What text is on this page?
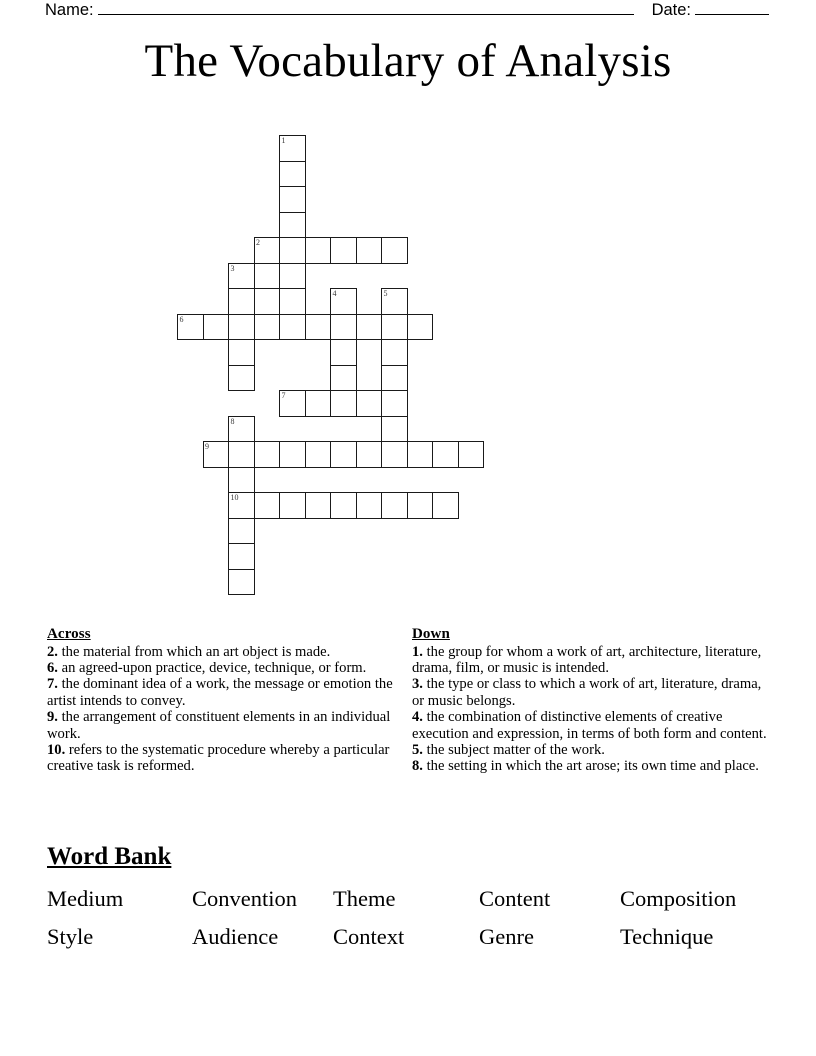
Name:	Date:
The Vocabulary of Analysis
1
2
3
4	5
6
7
8
9
10
Across

2. the material from which an art object is made.

6. an agreed-upon practice, device, technique, or form.

7. the dominant idea of a work, the message or emotion the artist intends to convey.

9. the arrangement of constituent elements in an individual work.

10. refers to the systematic procedure whereby a particular creative task is reformed.

Down

1. the group for whom a work of art, architecture, literature, drama, film, or music is intended.

3. the type or class to which a work of art, literature, drama, or music belongs.

4. the combination of distinctive elements of creative execution and expression, in terms of both form and content.

5. the subject matter of the work.

8. the setting in which the art arose; its own time and place.

Word Bank
Medium	Convention	Theme	Content	Composition
Style	Audience	Context	Genre	Technique
